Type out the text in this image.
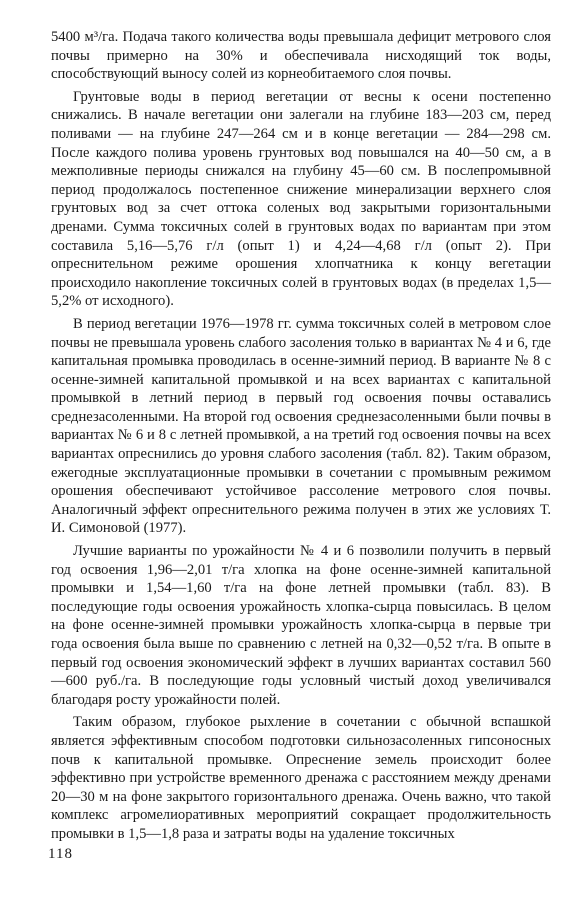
5400 м³/га. Подача такого количества воды превышала дефицит метрового слоя почвы примерно на 30% и обеспечивала нисходящий ток воды, способствующий выносу солей из корнеобитаемого слоя почвы.

Грунтовые воды в период вегетации от весны к осени постепенно снижались. В начале вегетации они залегали на глубине 183—203 см, перед поливами — на глубине 247—264 см и в конце вегетации — 284—298 см. После каждого полива уровень грунтовых вод повышался на 40—50 см, а в межполивные периоды снижался на глубину 45—60 см. В послепромывной период продолжалось постепенное снижение минерализации верхнего слоя грунтовых вод за счет оттока соленых вод закрытыми горизонтальными дренами. Сумма токсичных солей в грунтовых водах по вариантам при этом составила 5,16—5,76 г/л (опыт 1) и 4,24—4,68 г/л (опыт 2). При опреснительном режиме орошения хлопчатника к концу вегетации происходило накопление токсичных солей в грунтовых водах (в пределах 1,5—5,2% от исходного).

В период вегетации 1976—1978 гг. сумма токсичных солей в метровом слое почвы не превышала уровень слабого засоления только в вариантах № 4 и 6, где капитальная промывка проводилась в осенне-зимний период. В варианте № 8 с осенне-зимней капитальной промывкой и на всех вариантах с капитальной промывкой в летний период в первый год освоения почвы оставались среднезасоленными. На второй год освоения среднезасоленными были почвы в вариантах № 6 и 8 с летней промывкой, а на третий год освоения почвы на всех вариантах опреснились до уровня слабого засоления (табл. 82). Таким образом, ежегодные эксплуатационные промывки в сочетании с промывным режимом орошения обеспечивают устойчивое рассоление метрового слоя почвы. Аналогичный эффект опреснительного режима получен в этих же условиях Т. И. Симоновой (1977).

Лучшие варианты по урожайности № 4 и 6 позволили получить в первый год освоения 1,96—2,01 т/га хлопка на фоне осенне-зимней капитальной промывки и 1,54—1,60 т/га на фоне летней промывки (табл. 83). В последующие годы освоения урожайность хлопка-сырца повысилась. В целом на фоне осенне-зимней промывки урожайность хлопка-сырца в первые три года освоения была выше по сравнению с летней на 0,32—0,52 т/га. В опыте в первый год освоения экономический эффект в лучших вариантах составил 560—600 руб./га. В последующие годы условный чистый доход увеличивался благодаря росту урожайности полей.

Таким образом, глубокое рыхление в сочетании с обычной вспашкой является эффективным способом подготовки сильнозасоленных гипсоносных почв к капитальной промывке. Опреснение земель происходит более эффективно при устройстве временного дренажа с расстоянием между дренами 20—30 м на фоне закрытого горизонтального дренажа. Очень важно, что такой комплекс агромелиоративных мероприятий сокращает продолжительность промывки в 1,5—1,8 раза и затраты воды на удаление токсичных

118
